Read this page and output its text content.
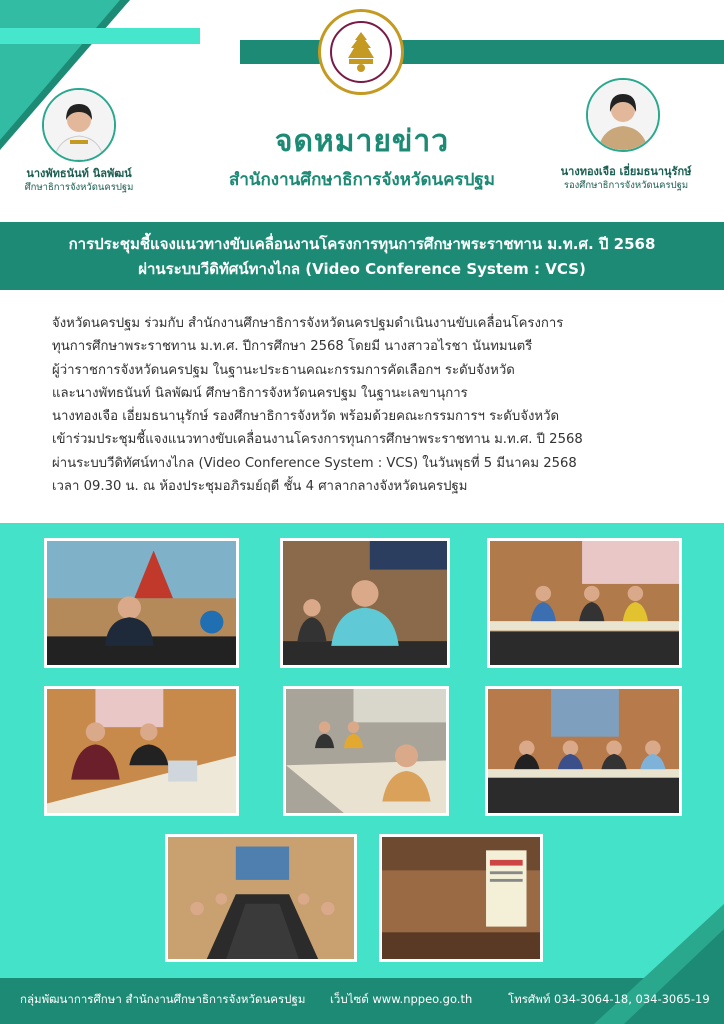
นางพัทธนันท์ นิลพัฒน์
ศึกษาธิการจังหวัดนครปฐม
นางทองเจือ เอี่ยมธนานุรักษ์
รองศึกษาธิการจังหวัดนครปฐม
จดหมายข่าว
สำนักงานศึกษาธิการจังหวัดนครปฐม
การประชุมชี้แจงแนวทางขับเคลื่อนงานโครงการทุนการศึกษาพระราชทาน ม.ท.ศ. ปี 2568
ผ่านระบบวีดิทัศน์ทางไกล (Video Conference System : VCS)
จังหวัดนครปฐม ร่วมกับ สำนักงานศึกษาธิการจังหวัดนครปฐมดำเนินงานขับเคลื่อนโครงการ
ทุนการศึกษาพระราชทาน ม.ท.ศ. ปีการศึกษา 2568 โดยมี นางสาวอไรชา นันทมนตรี
ผู้ว่าราชการจังหวัดนครปฐม ในฐานะประธานคณะกรรมการคัดเลือกฯ ระดับจังหวัด
และนางพัทธนันท์ นิลพัฒน์ ศึกษาธิการจังหวัดนครปฐม ในฐานะเลขานุการ
นางทองเจือ เอี่ยมธนานุรักษ์ รองศึกษาธิการจังหวัด พร้อมด้วยคณะกรรมการฯ ระดับจังหวัด
เข้าร่วมประชุมชี้แจงแนวทางขับเคลื่อนงานโครงการทุนการศึกษาพระราชทาน ม.ท.ศ. ปี 2568
ผ่านระบบวีดิทัศน์ทางไกล (Video Conference System : VCS) ในวันพุธที่ 5 มีนาคม 2568
เวลา 09.30 น. ณ ห้องประชุมอภิรมย์ฤดี ชั้น 4 ศาลากลางจังหวัดนครปฐม
กลุ่มพัฒนาการศึกษา สำนักงานศึกษาธิการจังหวัดนครปฐม เว็บไซต์ www.nppeo.go.th	โทรศัพท์ 034-3064-18, 034-3065-19
